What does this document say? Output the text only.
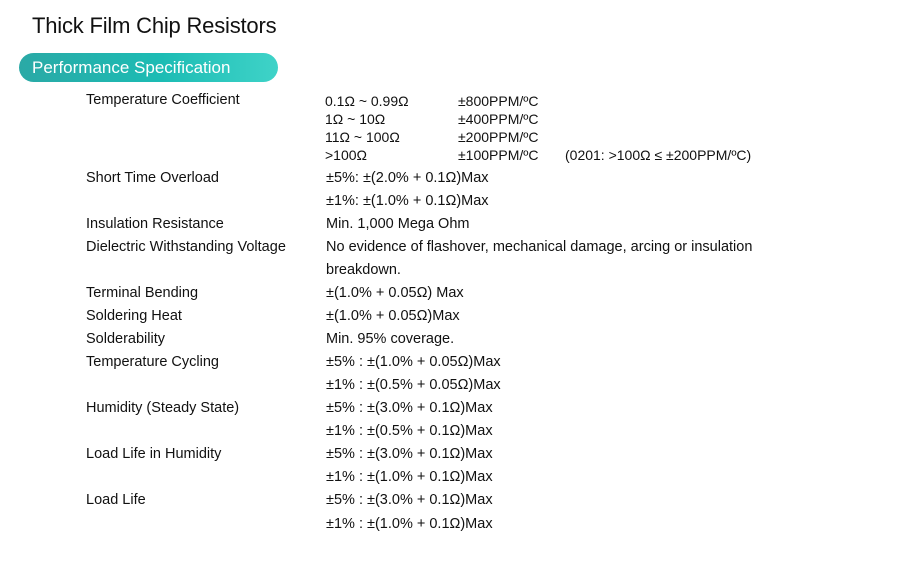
Thick Film Chip Resistors
Performance Specification
Temperature Coefficient	0.1Ω ~ 0.99Ω	±800PPM/ºC
1Ω ~ 10Ω	±400PPM/ºC
11Ω ~ 100Ω	±200PPM/ºC
>100Ω	±100PPM/ºC (0201: >100Ω ≤ ±200PPM/ºC)
Short Time Overload	±5%: ±(2.0% + 0.1Ω)Max
±1%: ±(1.0% + 0.1Ω)Max
Insulation Resistance	Min. 1,000 Mega Ohm
Dielectric Withstanding Voltage	No evidence of flashover, mechanical damage, arcing or insulation
breakdown.
Terminal Bending	±(1.0% + 0.05Ω) Max
Soldering Heat	±(1.0% + 0.05Ω)Max
Solderability	Min. 95% coverage.
Temperature Cycling	±5% : ±(1.0% + 0.05Ω)Max
±1% : ±(0.5% + 0.05Ω)Max
Humidity (Steady State)	±5% : ±(3.0% + 0.1Ω)Max
±1% : ±(0.5% + 0.1Ω)Max
Load Life in Humidity	±5% : ±(3.0% + 0.1Ω)Max
±1% : ±(1.0% + 0.1Ω)Max
Load Life	±5% : ±(3.0% + 0.1Ω)Max
±1% : ±(1.0% + 0.1Ω)Max
